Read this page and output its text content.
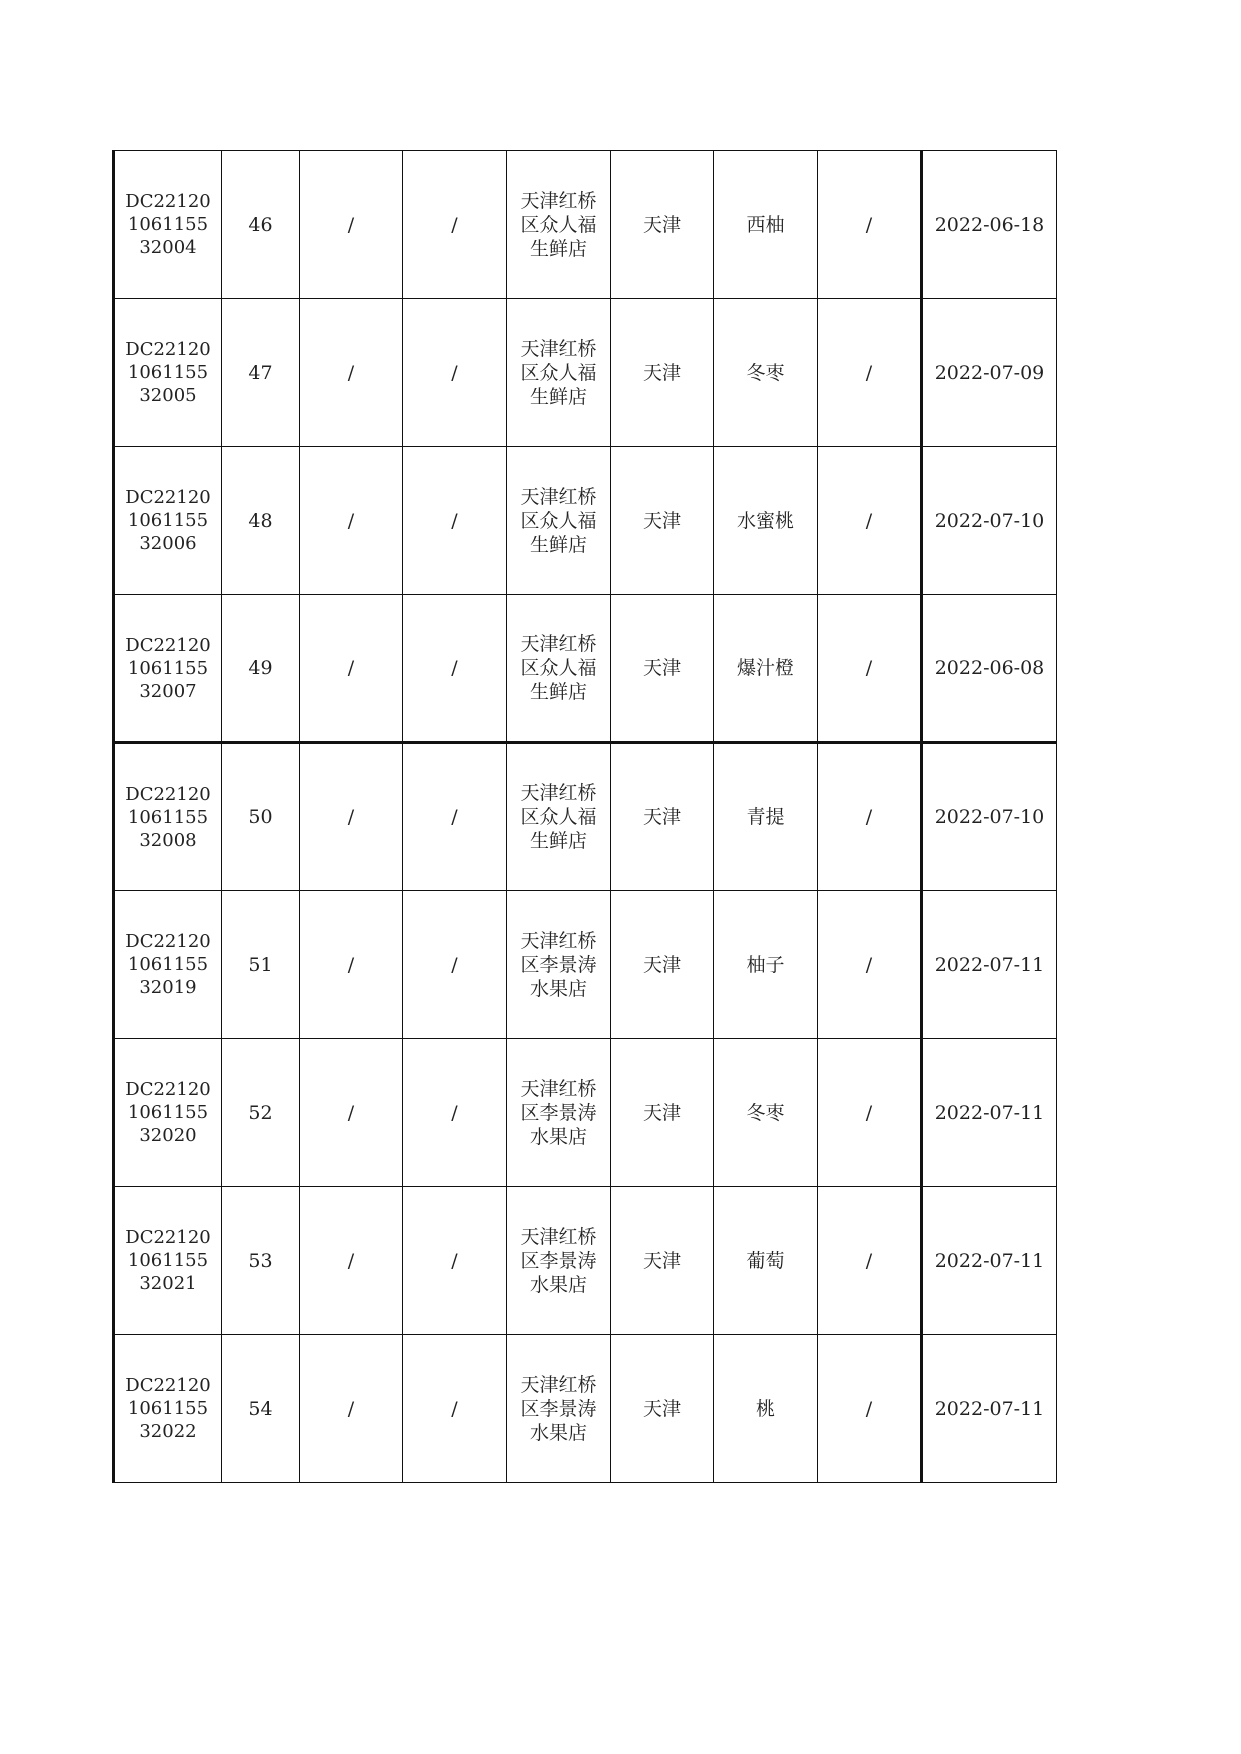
DC22120106115532004	46	/	/	天津红桥区众人福生鲜店	天津	西柚	/	2022-06-18
DC22120106115532005	47	/	/	天津红桥区众人福生鲜店	天津	冬枣	/	2022-07-09
DC22120106115532006	48	/	/	天津红桥区众人福生鲜店	天津	水蜜桃	/	2022-07-10
DC22120106115532007	49	/	/	天津红桥区众人福生鲜店	天津	爆汁橙	/	2022-06-08
DC22120106115532008	50	/	/	天津红桥区众人福生鲜店	天津	青提	/	2022-07-10
DC22120106115532019	51	/	/	天津红桥区李景涛水果店	天津	柚子	/	2022-07-11
DC22120106115532020	52	/	/	天津红桥区李景涛水果店	天津	冬枣	/	2022-07-11
DC22120106115532021	53	/	/	天津红桥区李景涛水果店	天津	葡萄	/	2022-07-11
DC22120106115532022	54	/	/	天津红桥区李景涛水果店	天津	桃	/	2022-07-11
